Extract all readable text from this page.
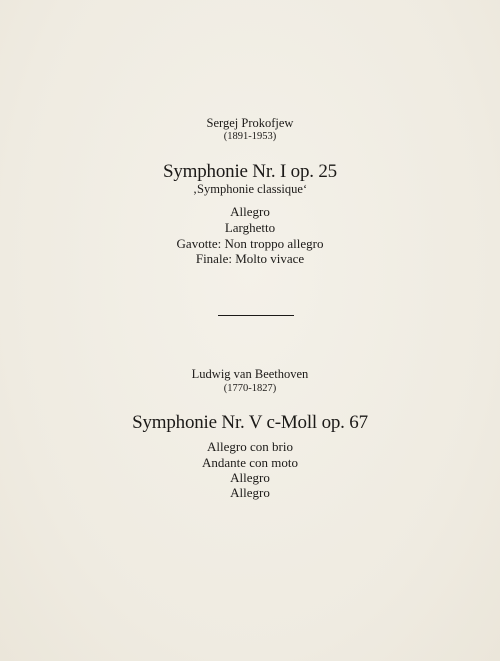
Sergej Prokofjew
(1891-1953)
Symphonie Nr. I op. 25
‚Symphonie classique‘
Allegro
Larghetto
Gavotte: Non troppo allegro
Finale: Molto vivace
Ludwig van Beethoven
(1770-1827)
Symphonie Nr. V c-Moll op. 67
Allegro con brio
Andante con moto
Allegro
Allegro
